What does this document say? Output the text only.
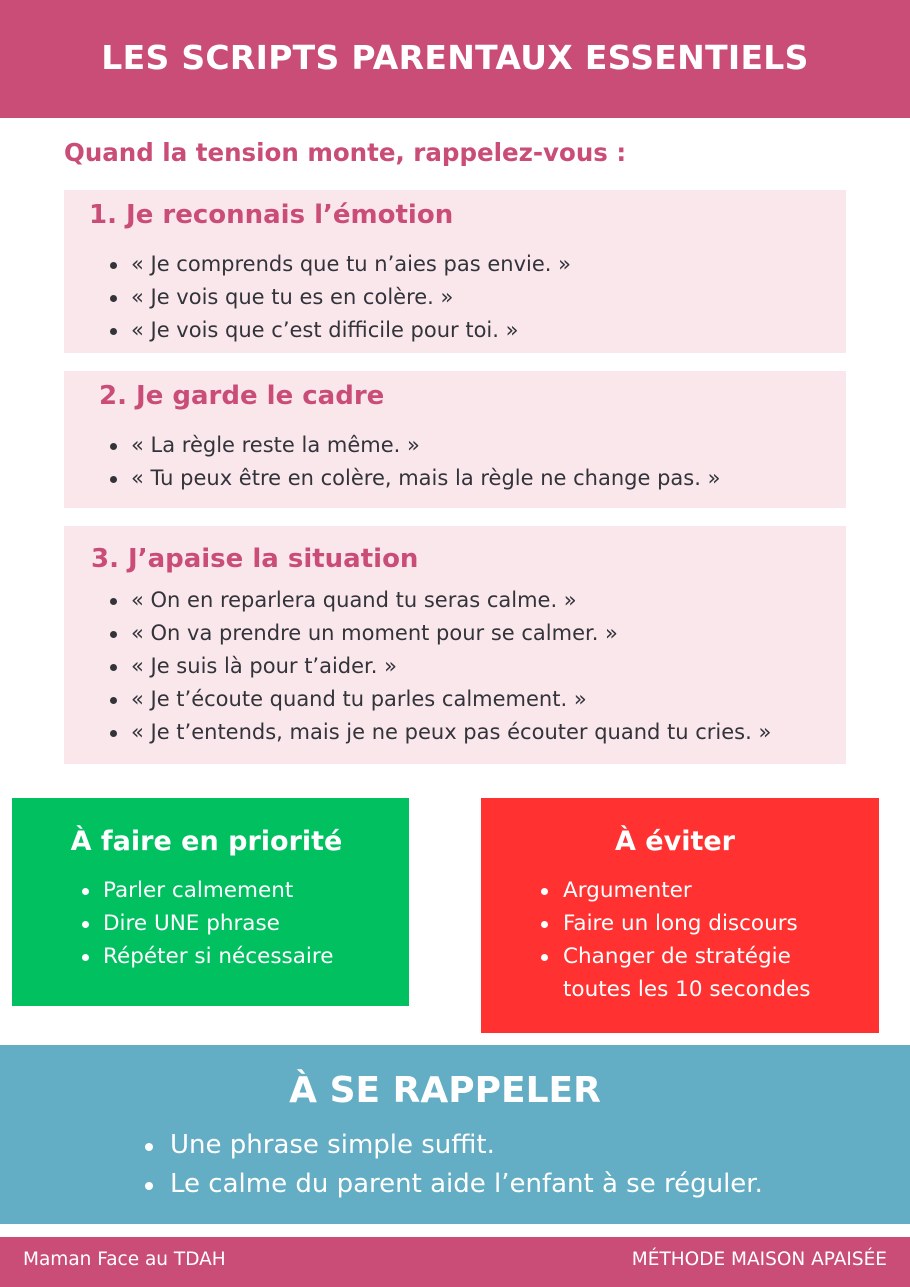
LES SCRIPTS PARENTAUX ESSENTIELS
Quand la tension monte, rappelez-vous :
1. Je reconnais l’émotion
« Je comprends que tu n’aies pas envie. »
« Je vois que tu es en colère. »
« Je vois que c’est difficile pour toi. »
2. Je garde le cadre
« La règle reste la même. »
« Tu peux être en colère, mais la règle ne change pas. »
3. J’apaise la situation
« On en reparlera quand tu seras calme. »
« On va prendre un moment pour se calmer. »
« Je suis là pour t’aider. »
« Je t’écoute quand tu parles calmement. »
« Je t’entends, mais je ne peux pas écouter quand tu cries. »
À faire en priorité
Parler calmement
Dire UNE phrase
Répéter si nécessaire
À éviter
Argumenter
Faire un long discours
Changer de stratégie
toutes les 10 secondes
À SE RAPPELER
Une phrase simple suffit.
Le calme du parent aide l’enfant à se réguler.
Maman Face au TDAH	MÉTHODE MAISON APAISÉE
